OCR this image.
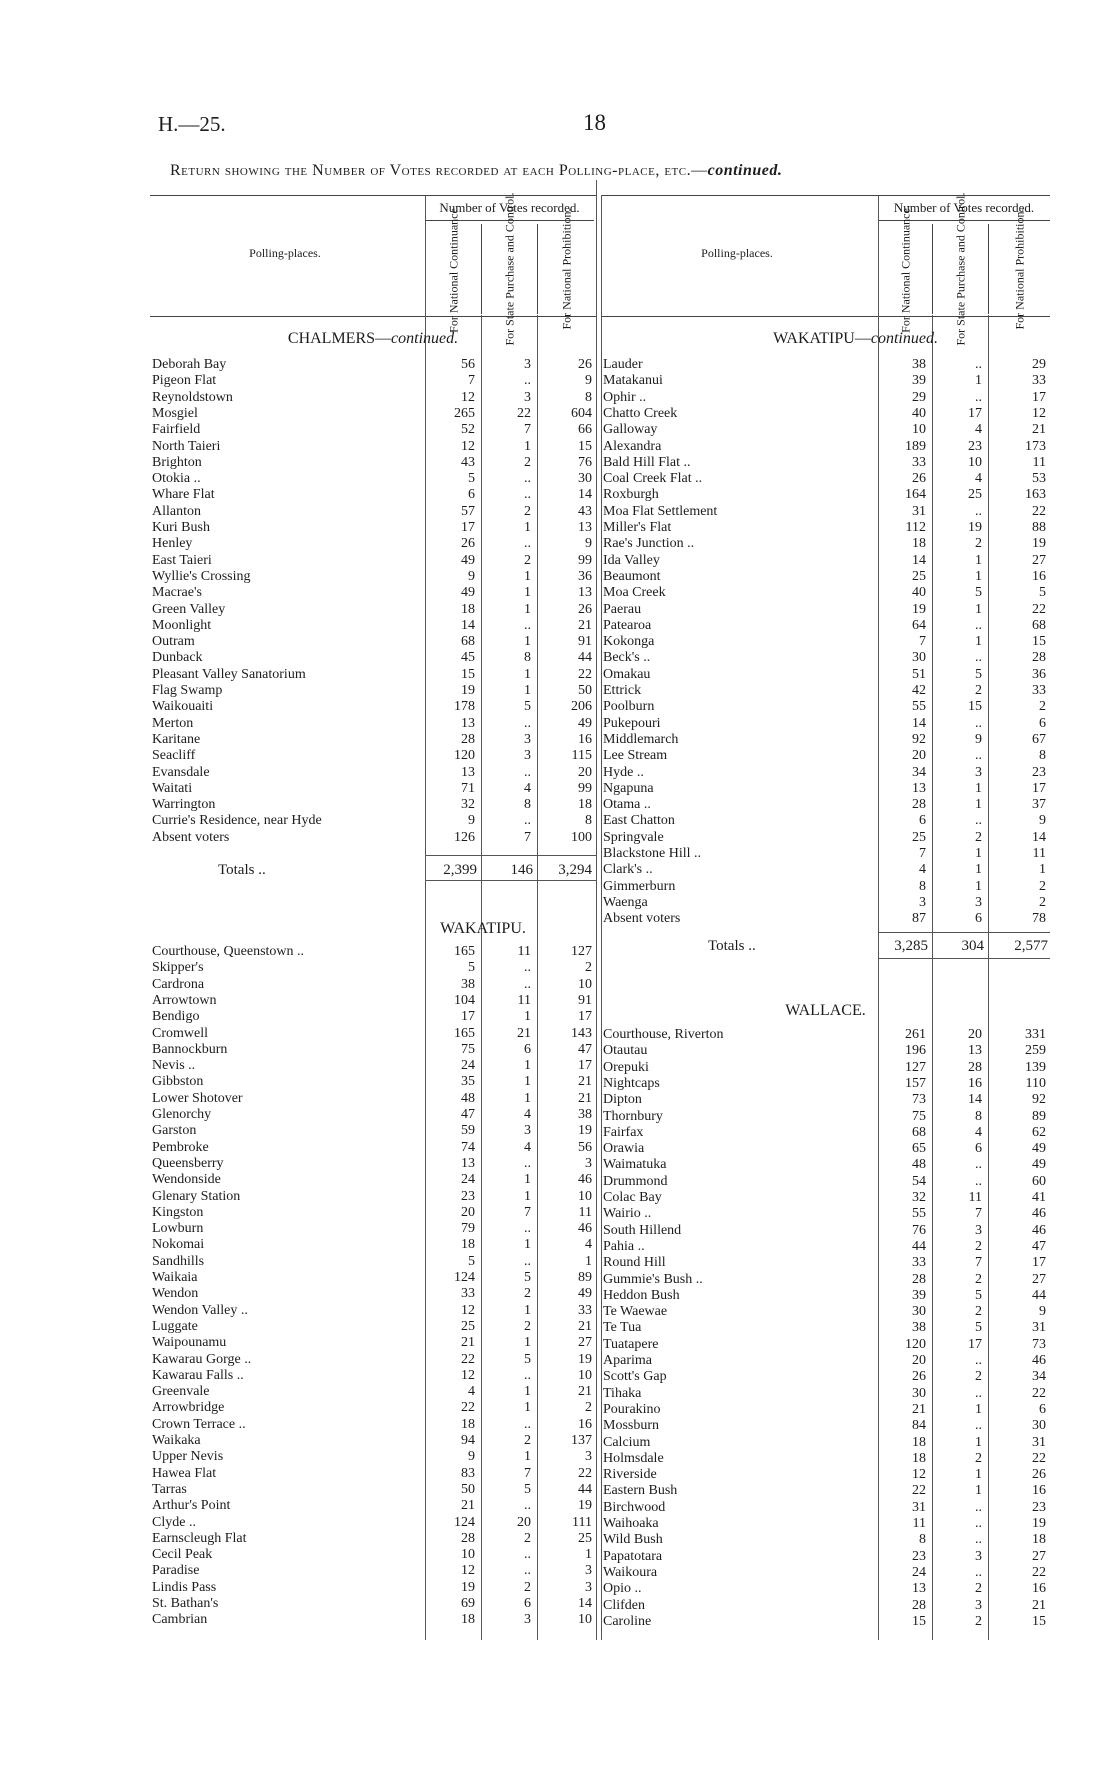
H.—25.	18
Return showing the Number of Votes recorded at each Polling-place, etc.—continued.
Polling-places.
Number of Votes recorded.
For National Continuance.	For State Purchase and Control.	For National Prohibition.
CHALMERS—continued.
Deborah Bay	56	3	26
Pigeon Flat	7	..	9
Reynoldstown	12	3	8
Mosgiel	265	22	604
Fairfield	52	7	66
North Taieri	12	1	15
Brighton	43	2	76
Otokia ..	5	..	30
Whare Flat	6	..	14
Allanton	57	2	43
Kuri Bush	17	1	13
Henley	26	..	9
East Taieri	49	2	99
Wyllie's Crossing	9	1	36
Macrae's	49	1	13
Green Valley	18	1	26
Moonlight	14	..	21
Outram	68	1	91
Dunback	45	8	44
Pleasant Valley Sanatorium	15	1	22
Flag Swamp	19	1	50
Waikouaiti	178	5	206
Merton	13	..	49
Karitane	28	3	16
Seacliff	120	3	115
Evansdale	13	..	20
Waitati	71	4	99
Warrington	32	8	18
Currie's Residence, near Hyde	9	..	8
Absent voters	126	7	100
Totals ..	2,399	146	3,294
WAKATIPU.
Courthouse, Queenstown ..	165	11	127
Skipper's	5	..	2
Cardrona	38	..	10
Arrowtown	104	11	91
Bendigo	17	1	17
Cromwell	165	21	143
Bannockburn	75	6	47
Nevis ..	24	1	17
Gibbston	35	1	21
Lower Shotover	48	1	21
Glenorchy	47	4	38
Garston	59	3	19
Pembroke	74	4	56
Queensberry	13	..	3
Wendonside	24	1	46
Glenary Station	23	1	10
Kingston	20	7	11
Lowburn	79	..	46
Nokomai	18	1	4
Sandhills	5	..	1
Waikaia	124	5	89
Wendon	33	2	49
Wendon Valley ..	12	1	33
Luggate	25	2	21
Waipounamu	21	1	27
Kawarau Gorge ..	22	5	19
Kawarau Falls ..	12	..	10
Greenvale	4	1	21
Arrowbridge	22	1	2
Crown Terrace ..	18	..	16
Waikaka	94	2	137
Upper Nevis	9	1	3
Hawea Flat	83	7	22
Tarras	50	5	44
Arthur's Point	21	..	19
Clyde ..	124	20	111
Earnscleugh Flat	28	2	25
Cecil Peak	10	..	1
Paradise	12	..	3
Lindis Pass	19	2	3
St. Bathan's	69	6	14
Cambrian	18	3	10
Polling-places.
Number of Votes recorded.
For National Continuance.	For State Purchase and Control.	For National Prohibition.
WAKATIPU—continued.
Lauder	38	..	29
Matakanui	39	1	33
Ophir ..	29	..	17
Chatto Creek	40	17	12
Galloway	10	4	21
Alexandra	189	23	173
Bald Hill Flat ..	33	10	11
Coal Creek Flat ..	26	4	53
Roxburgh	164	25	163
Moa Flat Settlement	31	..	22
Miller's Flat	112	19	88
Rae's Junction ..	18	2	19
Ida Valley	14	1	27
Beaumont	25	1	16
Moa Creek	40	5	5
Paerau	19	1	22
Patearoa	64	..	68
Kokonga	7	1	15
Beck's ..	30	..	28
Omakau	51	5	36
Ettrick	42	2	33
Poolburn	55	15	2
Pukepouri	14	..	6
Middlemarch	92	9	67
Lee Stream	20	..	8
Hyde ..	34	3	23
Ngapuna	13	1	17
Otama ..	28	1	37
East Chatton	6	..	9
Springvale	25	2	14
Blackstone Hill ..	7	1	11
Clark's ..	4	1	1
Gimmerburn	8	1	2
Waenga	3	3	2
Absent voters	87	6	78
Totals ..	3,285	304	2,577
WALLACE.
Courthouse, Riverton	261	20	331
Otautau	196	13	259
Orepuki	127	28	139
Nightcaps	157	16	110
Dipton	73	14	92
Thornbury	75	8	89
Fairfax	68	4	62
Orawia	65	6	49
Waimatuka	48	..	49
Drummond	54	..	60
Colac Bay	32	11	41
Wairio ..	55	7	46
South Hillend	76	3	46
Pahia ..	44	2	47
Round Hill	33	7	17
Gummie's Bush ..	28	2	27
Heddon Bush	39	5	44
Te Waewae	30	2	9
Te Tua	38	5	31
Tuatapere	120	17	73
Aparima	20	..	46
Scott's Gap	26	2	34
Tihaka	30	..	22
Pourakino	21	1	6
Mossburn	84	..	30
Calcium	18	1	31
Holmsdale	18	2	22
Riverside	12	1	26
Eastern Bush	22	1	16
Birchwood	31	..	23
Waihoaka	11	..	19
Wild Bush	8	..	18
Papatotara	23	3	27
Waikoura	24	..	22
Opio ..	13	2	16
Clifden	28	3	21
Caroline	15	2	15
